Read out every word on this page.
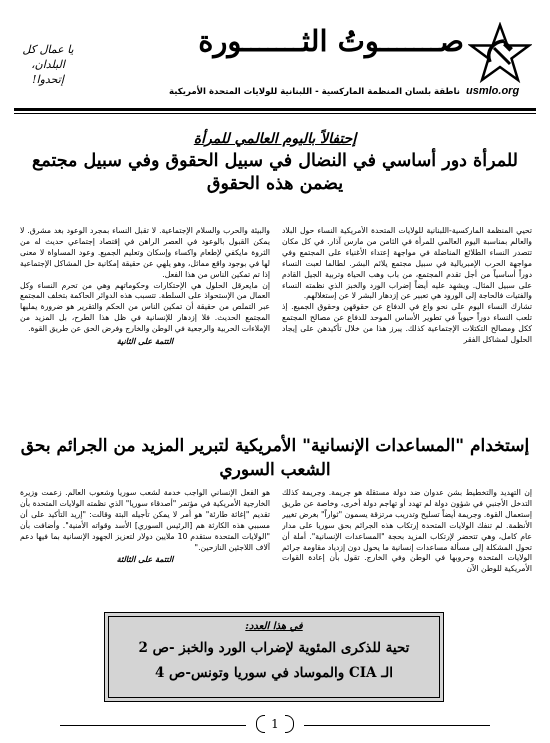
صـــــــوتُ الثـــــــورة
يا عمال كل
البلدان،
إتحدوا!
ناطقة بلسان المنظمة الماركسية - اللبنانية للولايات المتحدة الأمريكية usmlo.org
إحتفالاً باليوم العالمي للمرأة
للمرأة دور أساسي في النضال في سبيل الحقوق وفي سبيل مجتمع يضمن هذه الحقوق

تحيي المنظمة الماركسية-اللبنانية للولايات المتحدة الأمريكية النساء حول البلاد والعالم بمناسبة اليوم العالمي للمرأة في الثامن من مارس آذار. في كل مكان تتصدر النساء الطلائع المناضلة في مواجهة إعتداء الأغنياء على المجتمع وفي مواجهة الحرب الإمبريالية في سبيل مجتمع يلائم البشر. لطالما لعبت النساء دوراً أساسياً من أجل تقدم المجتمع، من باب وهب الحياة وتربية الجيل القادم على سبيل المثال. ويشهد عليه أيضاً إضراب الورد والخبز الذي نظمته النساء والفتيات فالحاجة إلى الورود هي تعبير عن إزدهار البشر لا عن إستغلالهم.

تشارك النساء اليوم على نحو واع في الدفاع عن حقوقهن وحقوق الجميع. إذ تلعب النساء دوراً حيوياً في تطوير الأساس الموحد للدفاع عن مصالح المجتمع ككل ومصالح التكتلات الإجتماعية كذلك. يبرز هذا من خلال تأكيدهن على إيجاد الحلول لمشاكل الفقر

والبيئة والحرب والسلام الإجتماعية. لا تقبل النساء بمجرد الوعود بغد مشرق. لا يمكن القبول بالوعود في العصر الراهن في إقتصاد إجتماعي حديث له من الثروة مايكفي لإطعام واكساء وإسكان وتعليم الجميع. وعود المساواة لا معنى لها في بوجود واقع مماثل، وهو يلهي عن حقيقة إمكانية حل المشاكل الإجتماعية إذا تم تمكين الناس من هذا الفعل.

إن مايعرقل الحلول هي الإحتكارات وحكوماتهم وهي من تحرم النساء وكل العمال من الإستحواذ على السلطة. تتسبب هذه الدوائر الحاكمة بتخلف المجتمع عبر التملص من حقيقة أن تمكين الناس من الحكم والتقرير هو ضرورة يمليها المجتمع الحديث. فلا إزدهار للإنسانية في ظل هذا الطرح، بل المزيد من الإملاءات الحربية والرجعية في الوطن والخارج وفرض الحق عن طريق القوة.

التتمة على الثانية
إستخدام "المساعدات الإنسانية" الأمريكية لتبرير المزيد من الجرائم بحق الشعب السوري

إن التهديد والتخطيط بشن عدوان ضد دولة مستقلة هو جريمة. وجريمة كذلك التدخل الأجنبي في شؤون دولة لم تهدد أو تهاجم دولة أخرى، وخاصة عن طريق إستعمال القوة. وجريمة أيضاً تسليح وتدريب مرتزقة يسمون "ثواراً" بغرض تغيير الأنظمة. لم تنفك الولايات المتحدة إرتكاب هذه الجرائم بحق سوريا على مدار عام كامل، وهي تتحضر لإرتكاب المزيد بحجة "المساعدات الإنسانية". أملة أن تحول المشكلة إلى مسألة مساعدات إنسانية ما يحول دون إزدياد مقاومة جرائم الولايات المتحدة وحروبها في الوطن وفي الخارج. تقول بأن إعادة القوات الأمريكية للوطن الآن

هو الفعل الإنساني الواجب خدمة لشعب سوريا وشعوب العالم. زعمت وزيرة الخارجية الأمريكية في مؤتمر "أصدقاء سوريا" الذي نظمته الولايات المتحدة بأن تقديم "إغاثة طارئة" هو أمر لا يمكن تأجيله البتة وقالت: "إريد التأكيد على أن مسببي هذه الكارثة هم [الرئيس السوري] الأسد وقواته الأمنية". وأضافت بأن "الولايات المتحدة ستقدم 10 ملايين دولار لتعزيز الجهود الإنسانية بما فيها دعم آلاف اللاجئين النازحين."

التتمة على الثالثة
في هذا العدد:
تحية للذكرى المئوية لإضراب الورد والخبز -ص 2
الـ CIA والموساد في سوريا وتونس-ص 4
1
